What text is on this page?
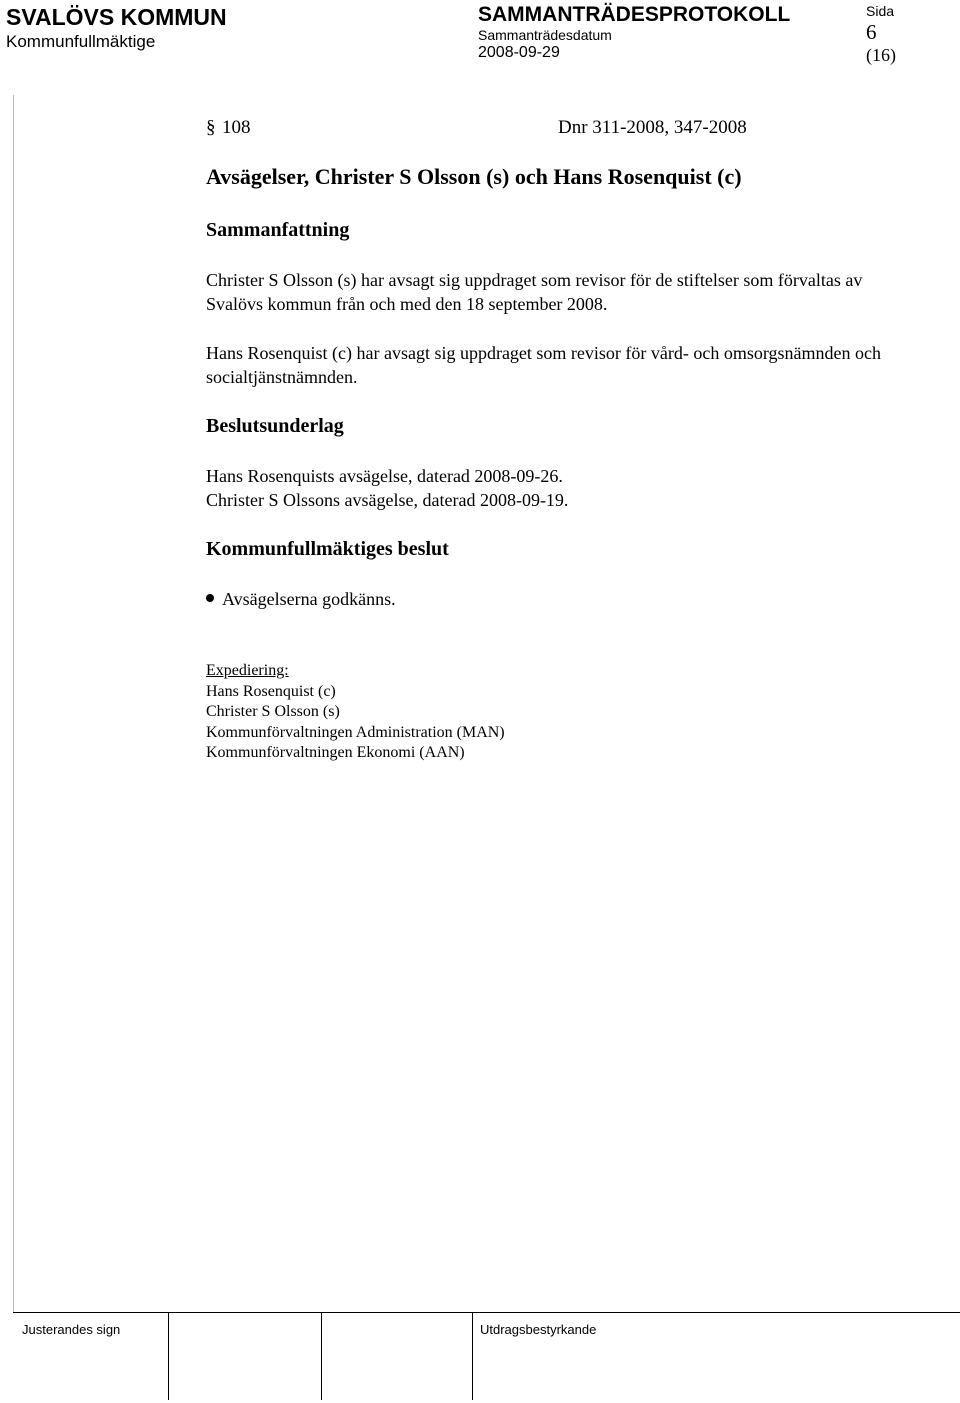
SVALÖVS KOMMUN
Kommunfullmäktige
SAMMANTRÄDESPROTOKOLL
Sammanträdesdatum
2008-09-29
Sida
6
(16)
§ 108	Dnr 311-2008, 347-2008
Avsägelser, Christer S Olsson (s) och Hans Rosenquist (c)
Sammanfattning
Christer S Olsson (s) har avsagt sig uppdraget som revisor för de stiftelser som förvaltas av Svalövs kommun från och med den 18 september 2008.
Hans Rosenquist (c) har avsagt sig uppdraget som revisor för vård- och omsorgsnämnden och socialtjänstnämnden.
Beslutsunderlag
Hans Rosenquists avsägelse, daterad 2008-09-26.
Christer S Olssons avsägelse, daterad 2008-09-19.
Kommunfullmäktiges beslut
Avsägelserna godkänns.
Expediering:
Hans Rosenquist (c)
Christer S Olsson (s)
Kommunförvaltningen Administration (MAN)
Kommunförvaltningen Ekonomi (AAN)
Justerandes sign	Utdragsbestyrkande
